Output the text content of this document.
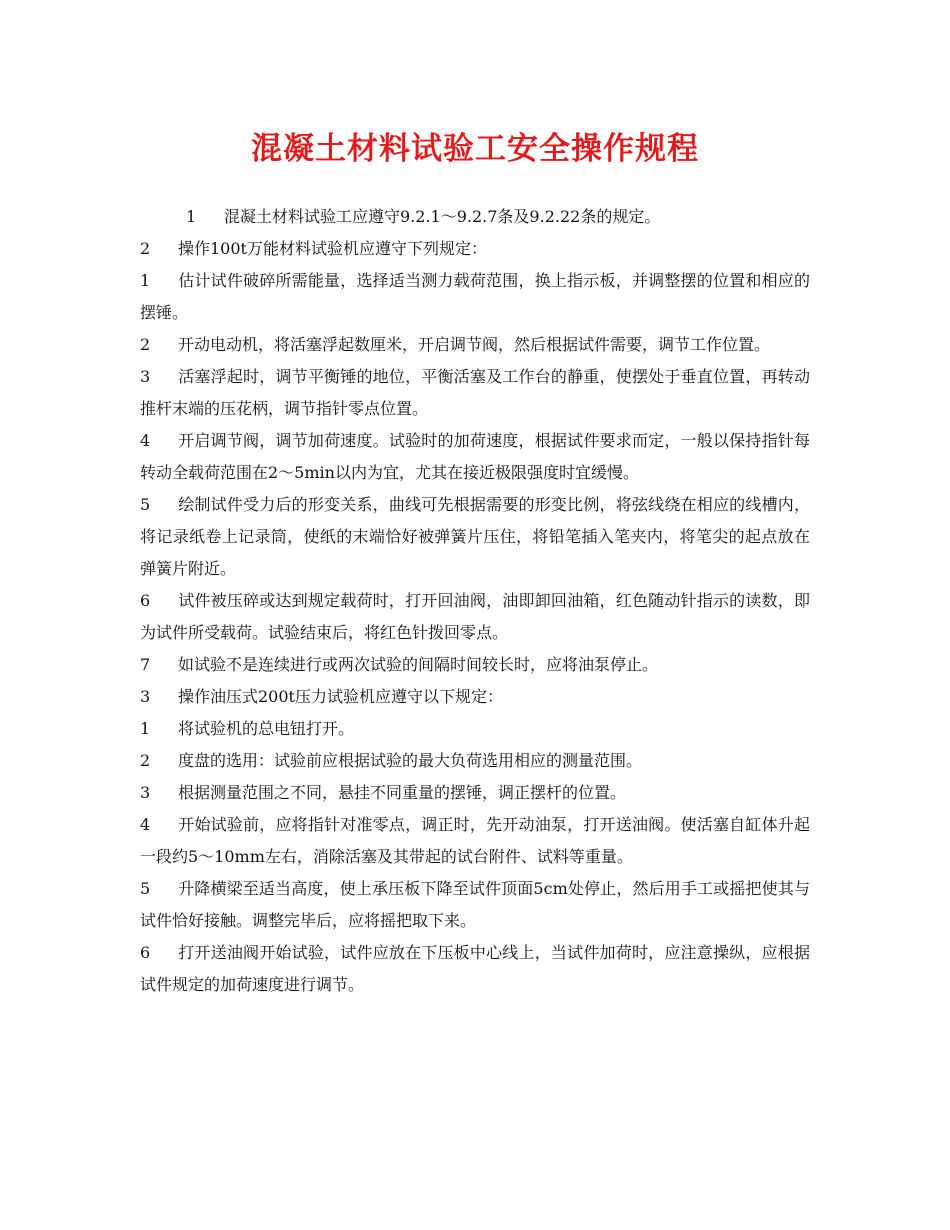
混凝土材料试验工安全操作规程

1 混凝土材料试验工应遵守9.2.1～9.2.7条及9.2.22条的规定。

2 操作100t万能材料试验机应遵守下列规定：

1 估计试件破碎所需能量，选择适当测力载荷范围，换上指示板，并调整摆的位置和相应的摆锤。

2 开动电动机，将活塞浮起数厘米，开启调节阀，然后根据试件需要，调节工作位置。

3 活塞浮起时，调节平衡锤的地位，平衡活塞及工作台的静重，使摆处于垂直位置，再转动推杆末端的压花柄，调节指针零点位置。

4 开启调节阀，调节加荷速度。试验时的加荷速度，根据试件要求而定，一般以保持指针每转动全载荷范围在2～5min以内为宜，尤其在接近极限强度时宜缓慢。

5 绘制试件受力后的形变关系，曲线可先根据需要的形变比例，将弦线绕在相应的线槽内，将记录纸卷上记录筒，使纸的末端恰好被弹簧片压住，将铅笔插入笔夹内，将笔尖的起点放在弹簧片附近。

6 试件被压碎或达到规定载荷时，打开回油阀，油即卸回油箱，红色随动针指示的读数，即为试件所受载荷。试验结束后，将红色针拨回零点。

7 如试验不是连续进行或两次试验的间隔时间较长时，应将油泵停止。

3 操作油压式200t压力试验机应遵守以下规定：

1 将试验机的总电钮打开。

2 度盘的选用：试验前应根据试验的最大负荷选用相应的测量范围。

3 根据测量范围之不同，悬挂不同重量的摆锤，调正摆杆的位置。

4 开始试验前，应将指针对准零点，调正时，先开动油泵，打开送油阀。使活塞自缸体升起一段约5～10mm左右，消除活塞及其带起的试台附件、试料等重量。

5 升降横梁至适当高度，使上承压板下降至试件顶面5cm处停止，然后用手工或摇把使其与试件恰好接触。调整完毕后，应将摇把取下来。

6 打开送油阀开始试验，试件应放在下压板中心线上，当试件加荷时，应注意操纵，应根据试件规定的加荷速度进行调节。
